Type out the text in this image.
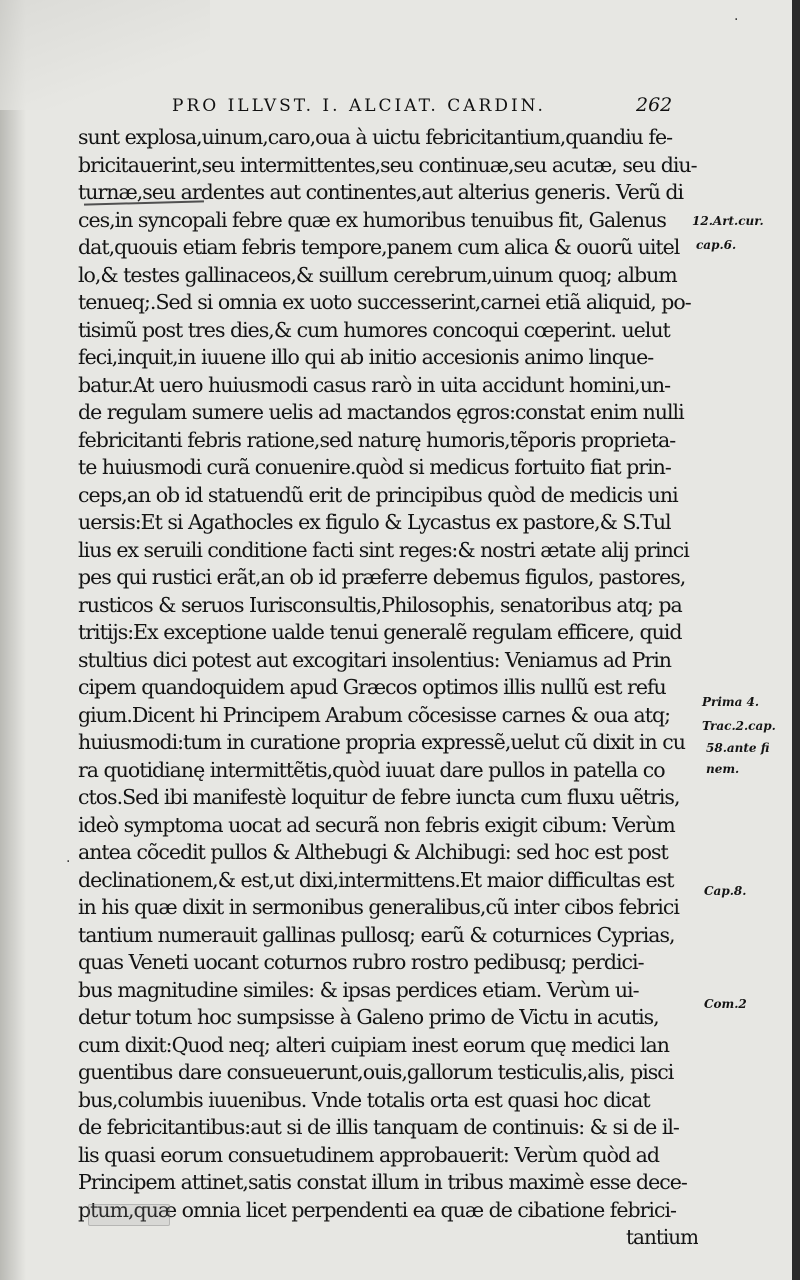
PRO ILLVST. I. ALCIAT. CARDIN.	262
sunt explosa,uinum,caro,oua à uictu febricitantium,quandiu fe-
bricitauerint,seu intermittentes,seu continuæ,seu acutæ, seu diu-
turnæ,seu ardentes aut continentes,aut alterius generis. Verũ di
ces,in syncopali febre quæ ex humoribus tenuibus fit, Galenus
dat,quouis etiam febris tempore,panem cum alica & ouorũ uitel
lo,& testes gallinaceos,& suillum cerebrum,uinum quoq; album
tenueq;.Sed si omnia ex uoto successerint,carnei etiã aliquid, po-
tisimũ post tres dies,& cum humores concoqui cœperint. uelut
feci,inquit,in iuuene illo qui ab initio accesionis animo linque-
batur.At uero huiusmodi casus rarò in uita accidunt homini,un-
de regulam sumere uelis ad mactandos ęgros:constat enim nulli
febricitanti febris ratione,sed naturę humoris,tẽporis proprieta-
te huiusmodi curã conuenire.quòd si medicus fortuito fiat prin-
ceps,an ob id statuendũ erit de principibus quòd de medicis uni
uersis:Et si Agathocles ex figulo & Lycastus ex pastore,& S.Tul
lius ex seruili conditione facti sint reges:& nostri ætate alij princi
pes qui rustici erãt,an ob id præferre debemus figulos, pastores,
rusticos & seruos Iurisconsultis,Philosophis, senatoribus atq; pa
tritijs:Ex exceptione ualde tenui generalẽ regulam efficere, quid
stultius dici potest aut excogitari insolentius: Veniamus ad Prin
cipem quandoquidem apud Græcos optimos illis nullũ est refu
gium.Dicent hi Principem Arabum cõcesisse carnes & oua atq;
huiusmodi:tum in curatione propria expressẽ,uelut cũ dixit in cu
ra quotidianę intermittẽtis,quòd iuuat dare pullos in patella co
ctos.Sed ibi manifestè loquitur de febre iuncta cum fluxu uẽtris,
ideò symptoma uocat ad securã non febris exigit cibum: Verùm
antea cõcedit pullos & Althebugi & Alchibugi: sed hoc est post
declinationem,& est,ut dixi,intermittens.Et maior difficultas est
in his quæ dixit in sermonibus generalibus,cũ inter cibos febrici
tantium numerauit gallinas pullosq; earũ & coturnices Cyprias,
quas Veneti uocant coturnos rubro rostro pedibusq; perdici-
bus magnitudine similes: & ipsas perdices etiam. Verùm ui-
detur totum hoc sumpsisse à Galeno primo de Victu in acutis,
cum dixit:Quod neq; alteri cuipiam inest eorum quę medici lan
guentibus dare consueuerunt,ouis,gallorum testiculis,alis, pisci
bus,columbis iuuenibus. Vnde totalis orta est quasi hoc dicat
de febricitantibus:aut si de illis tanquam de continuis: & si de il-
lis quasi eorum consuetudinem approbauerit: Verùm quòd ad
Principem attinet,satis constat illum in tribus maximè esse dece-
ptum,quæ omnia licet perpendenti ea quæ de cibatione febrici-
tantium
12.Art.cur.
cap.6.
Prima 4.
Trac.2.cap.
58.ante fi
nem.
Cap.8.
Com.2
·
·
